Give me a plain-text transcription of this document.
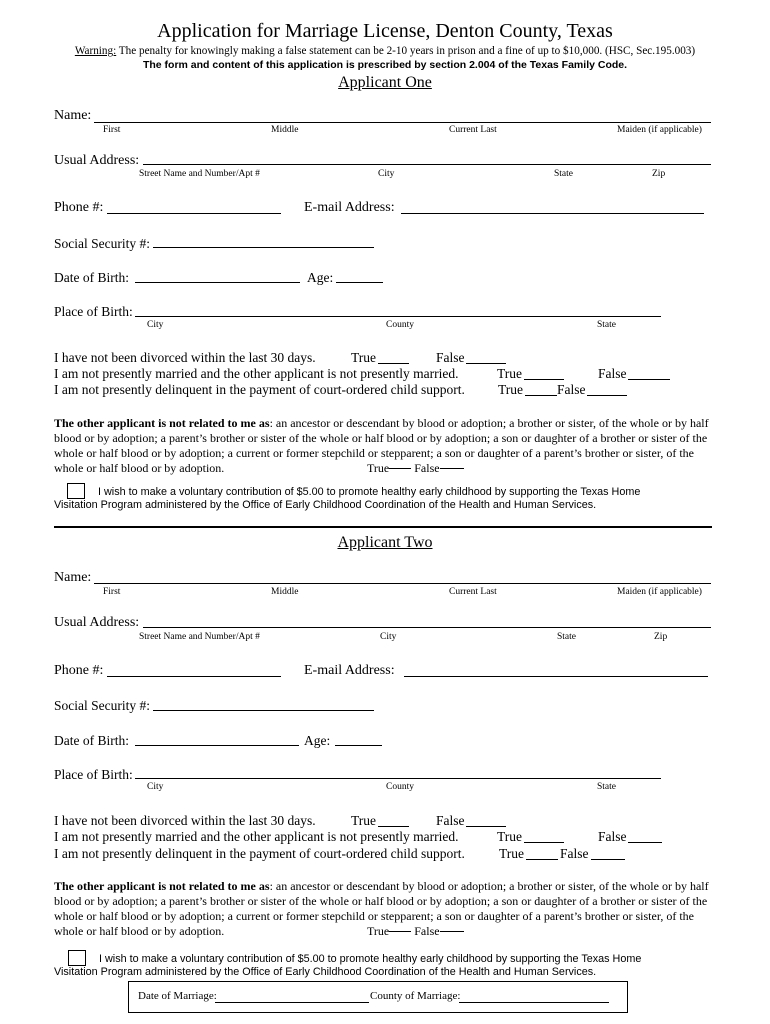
Application for Marriage License, Denton County, Texas
Warning: The penalty for knowingly making a false statement can be 2-10 years in prison and a fine of up to $10,000. (HSC, Sec.195.003)
The form and content of this application is prescribed by section 2.004 of the Texas Family Code.
Applicant One
Name:
First	Middle	Current Last	Maiden (if applicable)
Usual Address:
Street Name and Number/Apt #	City	State	Zip
Phone #:	E-mail Address:
Social Security #:
Date of Birth:	Age:
Place of Birth:
City	County	State
I have not been divorced within the last 30 days.	True	False
I am not presently married and the other applicant is not presently married.	True	False
I am not presently delinquent in the payment of court-ordered child support. True	False
The other applicant is not related to me as: an ancestor or descendant by blood or adoption; a brother or sister, of the whole or by half blood or by adoption; a parent’s brother or sister of the whole or half blood or by adoption; a son or daughter of a brother or sister of the whole or half blood or by adoption; a current or former stepchild or stepparent; a son or daughter of a parent’s brother or sister, of the whole or half blood or by adoption.	True False
I wish to make a voluntary contribution of $5.00 to promote healthy early childhood by supporting the Texas Home
Visitation Program administered by the Office of Early Childhood Coordination of the Health and Human Services.
Applicant Two
Name:
First	Middle	Current Last	Maiden (if applicable)
Usual Address:
Street Name and Number/Apt #	City	State	Zip
Phone #:	E-mail Address:
Social Security #:
Date of Birth:	Age:
Place of Birth:
City	County	State
I have not been divorced within the last 30 days.	True	False
I am not presently married and the other applicant is not presently married.	True	False
I am not presently delinquent in the payment of court-ordered child support.	True	False
The other applicant is not related to me as: an ancestor or descendant by blood or adoption; a brother or sister, of the whole or by half blood or by adoption; a parent’s brother or sister of the whole or half blood or by adoption; a son or daughter of a brother or sister of the whole or half blood or by adoption; a current or former stepchild or stepparent; a son or daughter of a parent’s brother or sister, of the whole or half blood or by adoption.	True False
I wish to make a voluntary contribution of $5.00 to promote healthy early childhood by supporting the Texas Home
Visitation Program administered by the Office of Early Childhood Coordination of the Health and Human Services.
Date of Marriage:	County of Marriage:
